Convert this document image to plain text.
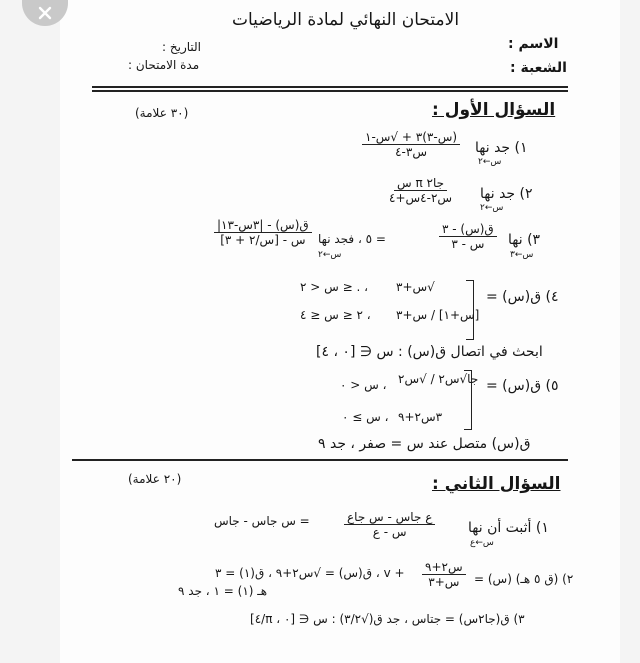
الامتحان النهائي لمادة الرياضيات
الاسم :
الشعبة :
التاريخ :
مدة الامتحان :
السؤال الأول :
(٣٠ علامة)
١) جد نها
س←٢
$\frac{\text{(س-٣)٣ + √س-١}}{\text{س٣-٤}}$
٢) جد نها
س←٢
$\frac{\text{جا٢ π س}}{\text{س٢-٤س+٤}}$
٣) نها
س←٣
$\frac{\text{ق(س) - ٣}}{\text{س - ٣}}$
= ٥ ، فجد نها
س←٢
$\frac{\text{ق(س) - |٣س-١٣|}}{\text{س - [س/٢ + ٣]}}$
٤) ق(س) =
√س+٣
، . ≤ س < ٢
[س+١] / س+٣
، ٢ ≤ س ≤ ٤
ابحث في اتصال ق(س) : س ∈ [٠ ، ٤]
٥) ق(س) =
جا√س٢ / √س٢
، س < ٠
٣س٢+٩
، س ≥ ٠
ق(س) متصل عند س = صفر ، جد ٩
السؤال الثاني :
(٢٠ علامة)
١) أثبت أن نها
س←ع
$\frac{\text{ع جاس - س جاع}}{\text{س - ع}}$
= س جاس - جاس
٢) (ق ٥ هـ) (س) =
$\frac{\text{س٢+٩}}{\text{س+٣}}$
+ v ، ق(س) = √س٢+٩ ، ق(١) = ٣
هـ (١) = ١ ، جد ٩
٣) ق(جا٢س) = جتاس ، جد ق(√٣/٢) : س ∈ [٠ ، π/٤]
